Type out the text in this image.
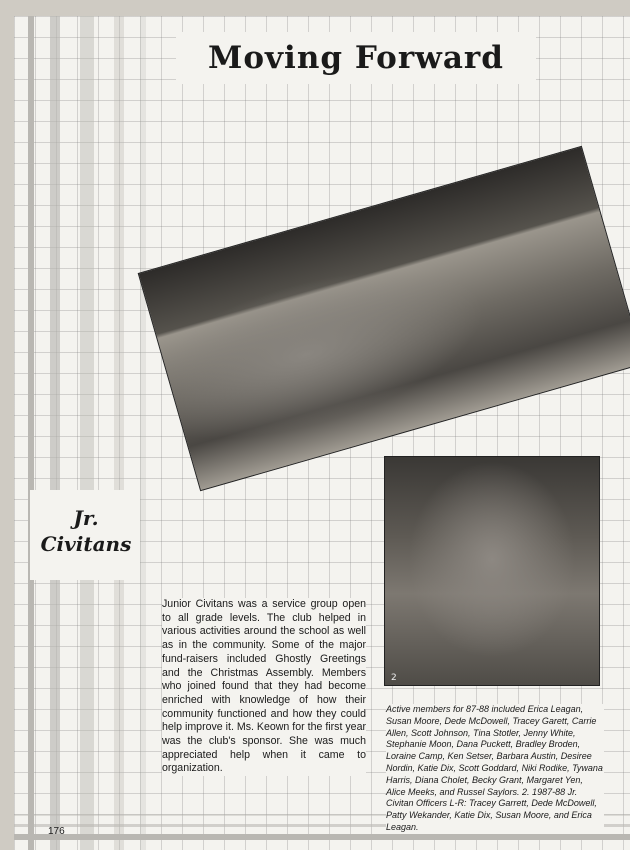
Moving Forward
2
Jr.
Civitans
Junior Civitans was a service group open to all grade levels. The club helped in various activities around the school as well as in the community. Some of the major fund-raisers included Ghostly Greetings and the Christmas Assembly. Members who joined found that they had become enriched with knowledge of how their community functioned and how they could help improve it. Ms. Keown for the first year was the club's sponsor. She was much appreciated help when it came to organization.
Active members for 87-88 included Erica Leagan, Susan Moore, Dede McDowell, Tracey Garett, Carrie Allen, Scott Johnson, Tina Stotler, Jenny White, Stephanie Moon, Dana Puckett, Bradley Broden, Loraine Camp, Ken Setser, Barbara Austin, Desiree Nordin, Katie Dix, Scott Goddard, Niki Rodike, Tywana Harris, Diana Cholet, Becky Grant, Margaret Yen, Alice Meeks, and Russel Saylors. 2. 1987-88 Jr. Civitan Officers L-R: Tracey Garrett, Dede McDowell, Patty Wekander, Katie Dix, Susan Moore, and Erica Leagan.
176
